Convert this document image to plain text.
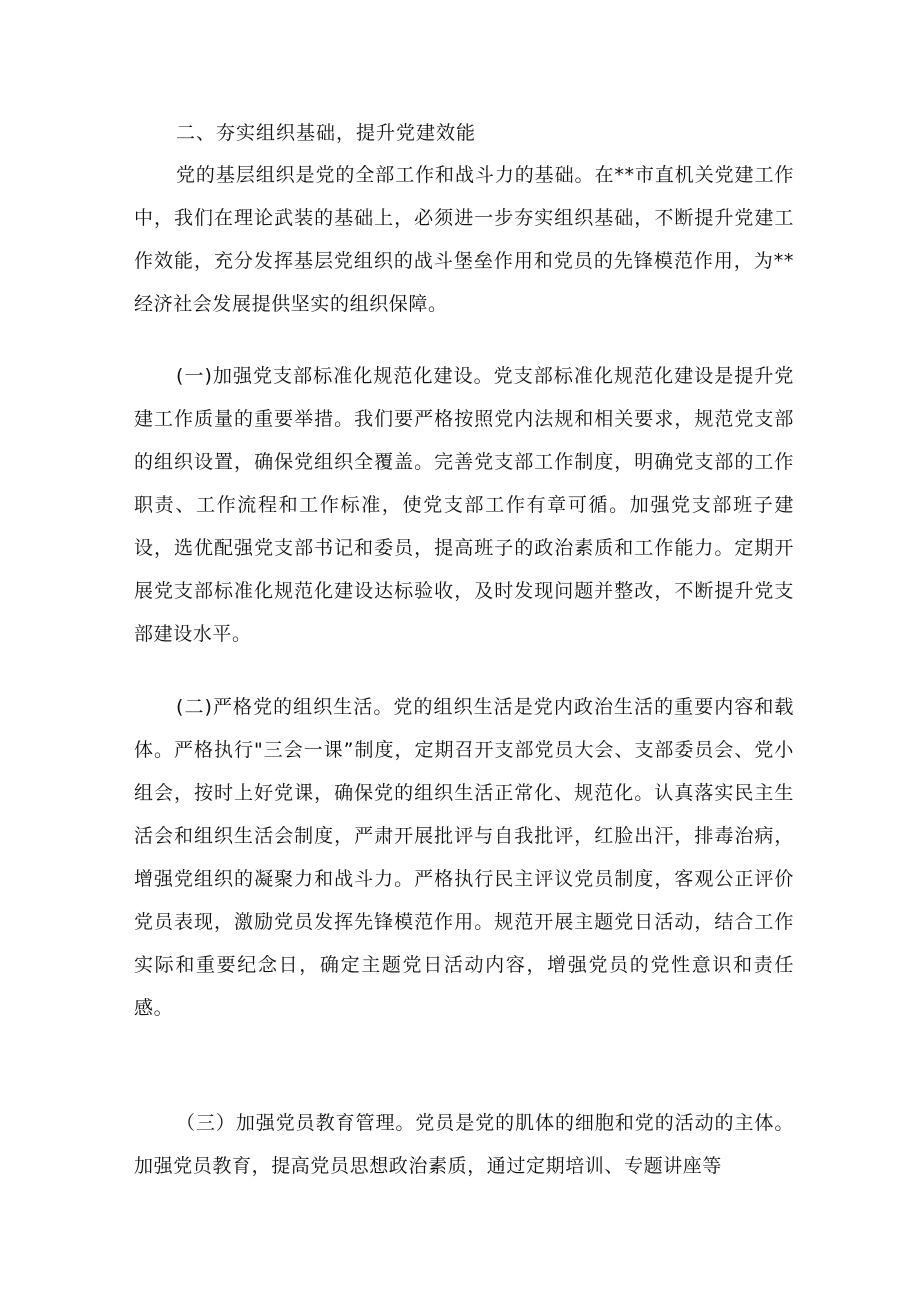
二、夯实组织基础，提升党建效能

党的基层组织是党的全部工作和战斗力的基础。在**市直机关党建工作中，我们在理论武装的基础上，必须进一步夯实组织基础，不断提升党建工作效能，充分发挥基层党组织的战斗堡垒作用和党员的先锋模范作用，为**经济社会发展提供坚实的组织保障。

(一)加强党支部标准化规范化建设。党支部标准化规范化建设是提升党建工作质量的重要举措。我们要严格按照党内法规和相关要求，规范党支部的组织设置，确保党组织全覆盖。完善党支部工作制度，明确党支部的工作职责、工作流程和工作标准，使党支部工作有章可循。加强党支部班子建设，选优配强党支部书记和委员，提高班子的政治素质和工作能力。定期开展党支部标准化规范化建设达标验收，及时发现问题并整改，不断提升党支部建设水平。

(二)严格党的组织生活。党的组织生活是党内政治生活的重要内容和载体。严格执行"三会一课”制度，定期召开支部党员大会、支部委员会、党小组会，按时上好党课，确保党的组织生活正常化、规范化。认真落实民主生活会和组织生活会制度，严肃开展批评与自我批评，红脸出汗，排毒治病，增强党组织的凝聚力和战斗力。严格执行民主评议党员制度，客观公正评价党员表现，激励党员发挥先锋模范作用。规范开展主题党日活动，结合工作实际和重要纪念日，确定主题党日活动内容，增强党员的党性意识和责任感。

（三）加强党员教育管理。党员是党的肌体的细胞和党的活动的主体。加强党员教育，提高党员思想政治素质，通过定期培训、专题讲座等
